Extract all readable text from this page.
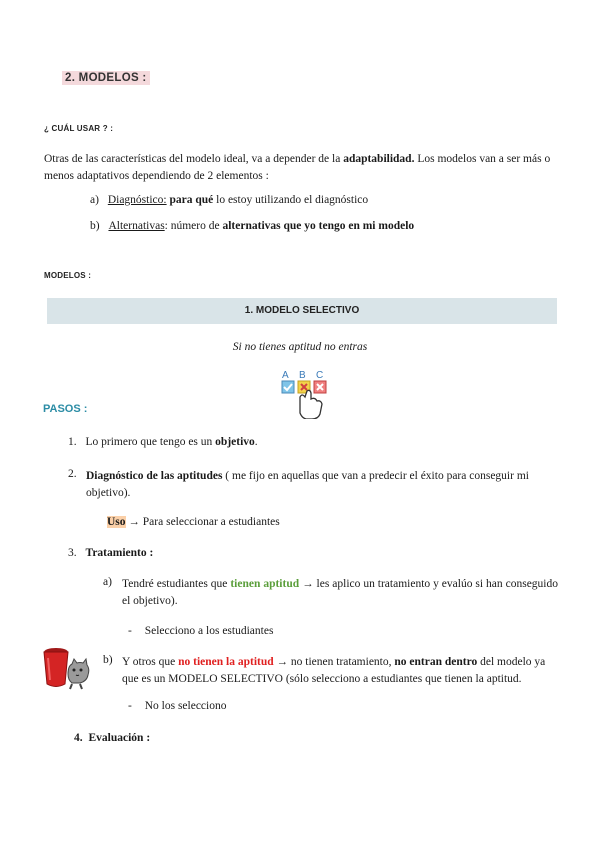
2. MODELOS :
¿ CUÁL USAR ? :
Otras de las características del modelo ideal, va a depender de la adaptabilidad. Los modelos van a ser más o menos adaptativos dependiendo de 2 elementos :
a) Diagnóstico: para qué lo estoy utilizando el diagnóstico
b) Alternativas: número de alternativas que yo tengo en mi modelo
MODELOS :
1. MODELO SELECTIVO
Si no tienes aptitud no entras
A B C
PASOS :
1. Lo primero que tengo es un objetivo.
2. Diagnóstico de las aptitudes ( me fijo en aquellas que van a predecir el éxito para conseguir mi objetivo).
Uso → Para seleccionar a estudiantes
3. Tratamiento :
a) Tendré estudiantes que tienen aptitud → les aplico un tratamiento y evalúo si han conseguido el objetivo).
- Selecciono a los estudiantes
b) Y otros que no tienen la aptitud → no tienen tratamiento, no entran dentro del modelo ya que es un MODELO SELECTIVO (sólo selecciono a estudiantes que tienen la aptitud.
- No los selecciono
4. Evaluación :
